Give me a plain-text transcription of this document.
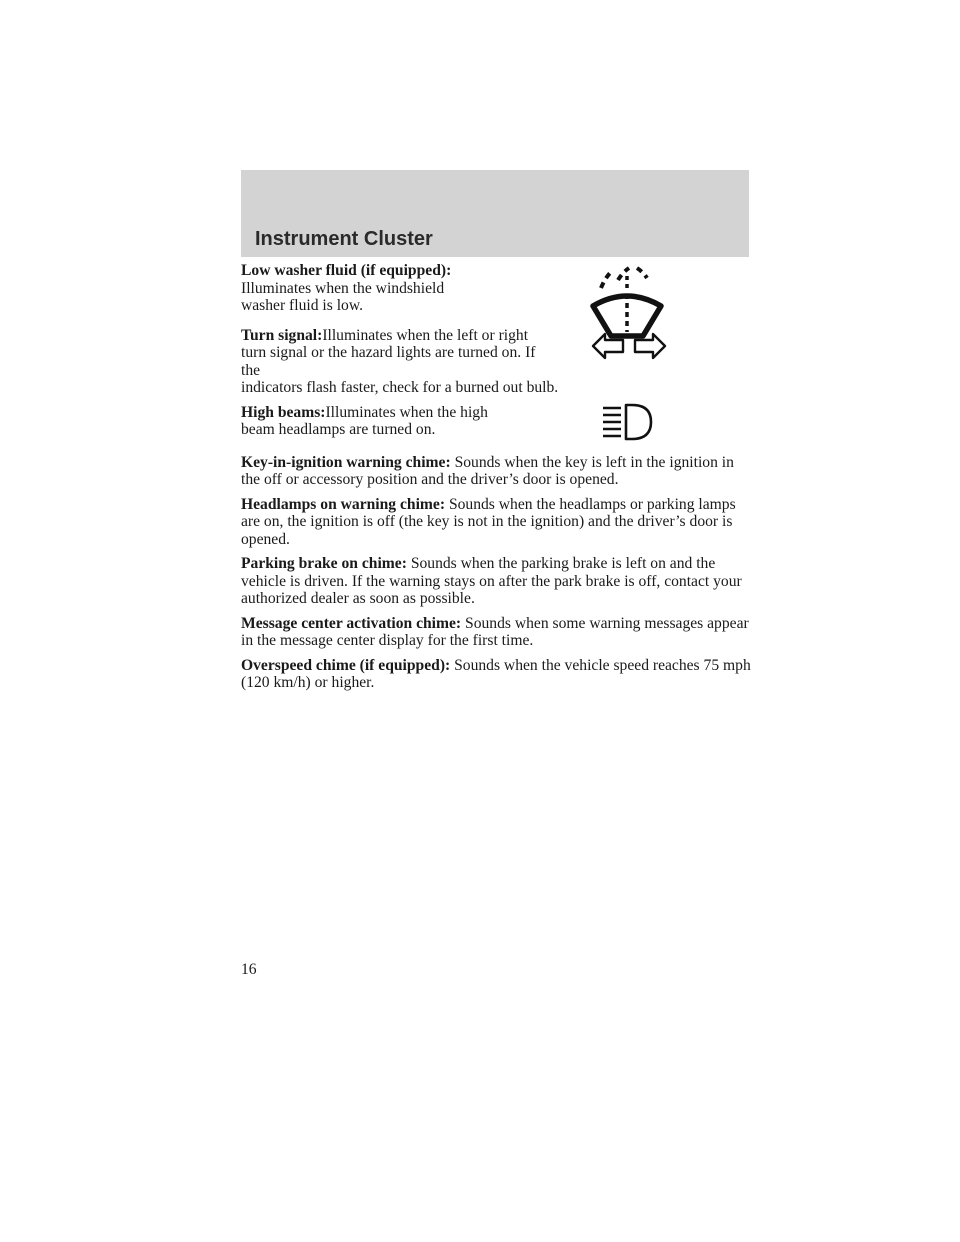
Instrument Cluster
Low washer fluid (if equipped):
Illuminates when the windshield washer fluid is low.
Turn signal:Illuminates when the left or right turn signal or the hazard lights are turned on. If the
indicators flash faster, check for a burned out bulb.
High beams:Illuminates when the high beam headlamps are turned on.
Key-in-ignition warning chime: Sounds when the key is left in the ignition in the off or accessory position and the driver’s door is opened.
Headlamps on warning chime: Sounds when the headlamps or parking lamps are on, the ignition is off (the key is not in the ignition) and the driver’s door is opened.
Parking brake on chime: Sounds when the parking brake is left on and the vehicle is driven. If the warning stays on after the park brake is off, contact your authorized dealer as soon as possible.
Message center activation chime: Sounds when some warning messages appear in the message center display for the first time.
Overspeed chime (if equipped): Sounds when the vehicle speed reaches 75 mph (120 km/h) or higher.

16
